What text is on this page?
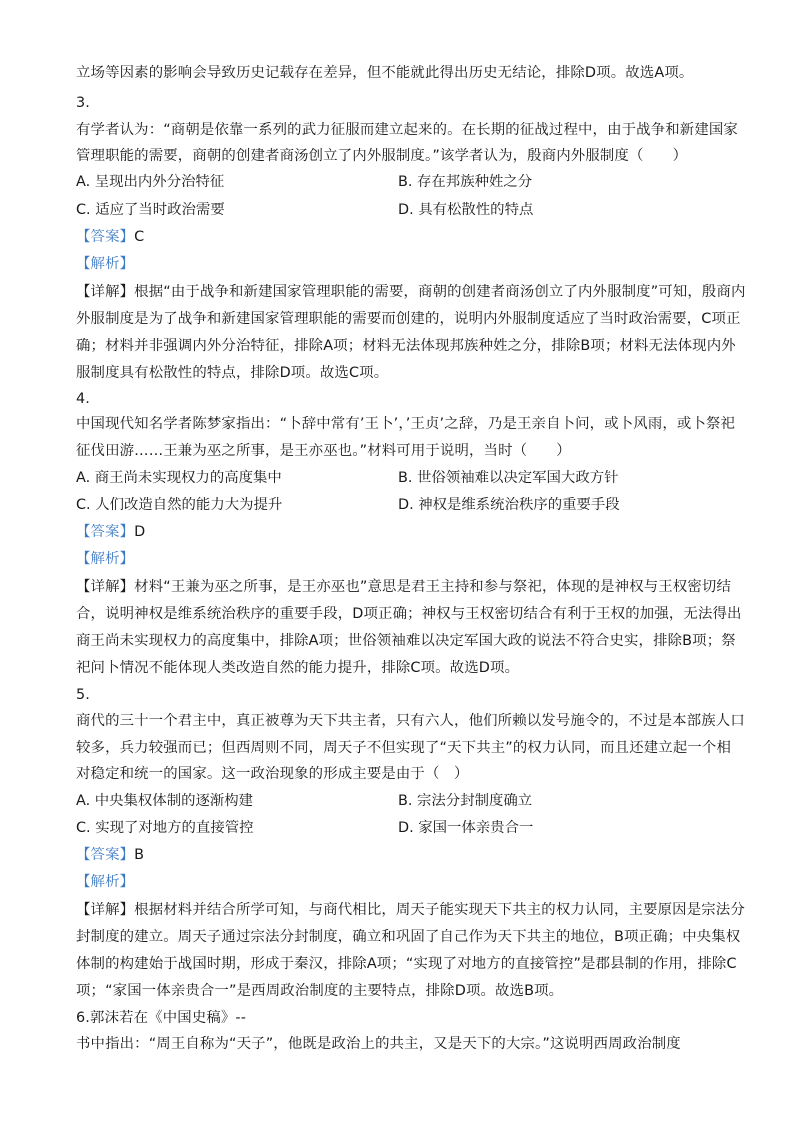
立场等因素的影响会导致历史记载存在差异，但不能就此得出历史无结论，排除D项。故选A项。
3.
有学者认为：“商朝是依靠一系列的武力征服而建立起来的。在长期的征战过程中，由于战争和新建国家
管理职能的需要，商朝的创建者商汤创立了内外服制度。”该学者认为，殷商内外服制度（　　）
A. 呈现出内外分治特征	B. 存在邦族种姓之分
C. 适应了当时政治需要	D. 具有松散性的特点
【答案】C
【解析】
【详解】根据“由于战争和新建国家管理职能的需要，商朝的创建者商汤创立了内外服制度”可知，殷商内
外服制度是为了战争和新建国家管理职能的需要而创建的，说明内外服制度适应了当时政治需要，C项正
确；材料并非强调内外分治特征，排除A项；材料无法体现邦族种姓之分，排除B项；材料无法体现内外
服制度具有松散性的特点，排除D项。故选C项。
4.
中国现代知名学者陈梦家指出：“卜辞中常有’王卜’，’王贞’之辞，乃是王亲自卜问，或卜风雨，或卜祭祀
征伐田游……王兼为巫之所事，是王亦巫也。”材料可用于说明，当时（　　）
A. 商王尚未实现权力的高度集中	B. 世俗领袖难以决定军国大政方针
C. 人们改造自然的能力大为提升	D. 神权是维系统治秩序的重要手段
【答案】D
【解析】
【详解】材料“王兼为巫之所事，是王亦巫也”意思是君王主持和参与祭祀，体现的是神权与王权密切结
合，说明神权是维系统治秩序的重要手段，D项正确；神权与王权密切结合有利于王权的加强，无法得出
商王尚未实现权力的高度集中，排除A项；世俗领袖难以决定军国大政的说法不符合史实，排除B项；祭
祀问卜情况不能体现人类改造自然的能力提升，排除C项。故选D项。
5.
商代的三十一个君主中，真正被尊为天下共主者，只有六人，他们所赖以发号施令的，不过是本部族人口
较多，兵力较强而已；但西周则不同，周天子不但实现了“天下共主”的权力认同，而且还建立起一个相
对稳定和统一的国家。这一政治现象的形成主要是由于（　）
A. 中央集权体制的逐渐构建	B. 宗法分封制度确立
C. 实现了对地方的直接管控	D. 家国一体亲贵合一
【答案】B
【解析】
【详解】根据材料并结合所学可知，与商代相比，周天子能实现天下共主的权力认同，主要原因是宗法分
封制度的建立。周天子通过宗法分封制度，确立和巩固了自己作为天下共主的地位，B项正确；中央集权
体制的构建始于战国时期，形成于秦汉，排除A项；“实现了对地方的直接管控”是郡县制的作用，排除C
项；“家国一体亲贵合一”是西周政治制度的主要特点，排除D项。故选B项。
6.郭沫若在《中国史稿》--
书中指出：“周王自称为“天子”，他既是政治上的共主，又是天下的大宗。”这说明西周政治制度
